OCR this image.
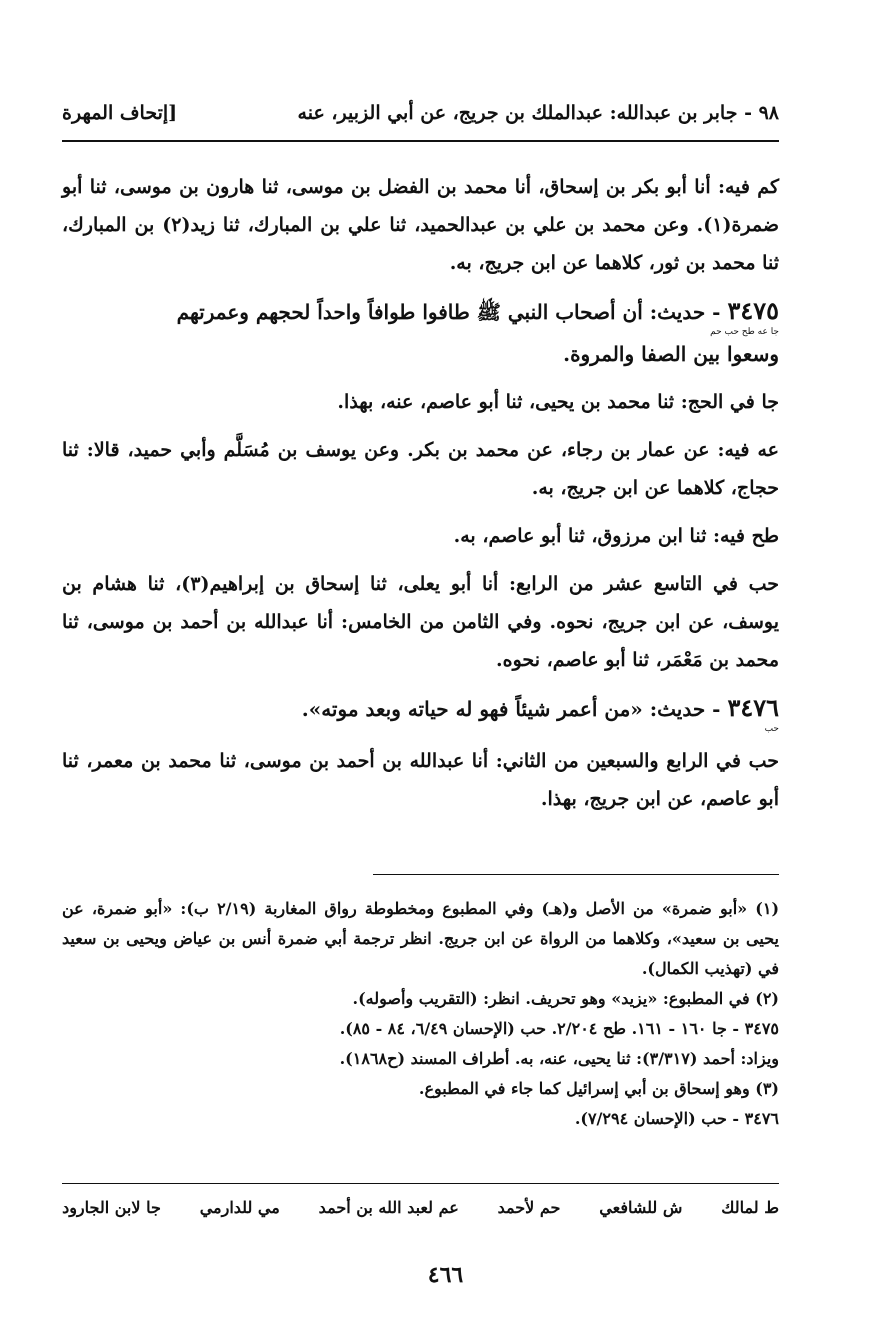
٩٨ - جابر بن عبدالله: عبدالملك بن جريج، عن أبي الزبير، عنه
[إتحاف المهرة

كم فيه: أنا أبو بكر بن إسحاق، أنا محمد بن الفضل بن موسى، ثنا هارون بن موسى، ثنا أبو ضمرة(١). وعن محمد بن علي بن عبدالحميد، ثنا علي بن المبارك، ثنا زيد(٢) بن المبارك، ثنا محمد بن ثور، كلاهما عن ابن جريج، به.

٣٤٧٥ - حديث: أن أصحاب النبي ﷺ طافوا طوافاً واحداً لحجهم وعمرتهم
جا عه طح حب حم
وسعوا بين الصفا والمروة.

جا في الحج: ثنا محمد بن يحيى، ثنا أبو عاصم، عنه، بهذا.

عه فيه: عن عمار بن رجاء، عن محمد بن بكر. وعن يوسف بن مُسَلَّم وأبي حميد، قالا: ثنا حجاج، كلاهما عن ابن جريج، به.

طح فيه: ثنا ابن مرزوق، ثنا أبو عاصم، به.

حب في التاسع عشر من الرابع: أنا أبو يعلى، ثنا إسحاق بن إبراهيم(٣)، ثنا هشام بن يوسف، عن ابن جريج، نحوه. وفي الثامن من الخامس: أنا عبدالله بن أحمد بن موسى، ثنا محمد بن مَعْمَر، ثنا أبو عاصم، نحوه.

٣٤٧٦ - حديث: «من أعمر شيئاً فهو له حياته وبعد موته».
حب

حب في الرابع والسبعين من الثاني: أنا عبدالله بن أحمد بن موسى، ثنا محمد بن معمر، ثنا أبو عاصم، عن ابن جريج، بهذا.

(١) «أبو ضمرة» من الأصل و(هـ) وفي المطبوع ومخطوطة رواق المغاربة (٢/١٩ ب): «أبو ضمرة، عن يحيى بن سعيد»، وكلاهما من الرواة عن ابن جريج. انظر ترجمة أبي ضمرة أنس بن عياض ويحيى بن سعيد في (تهذيب الكمال).

(٢) في المطبوع: «يزيد» وهو تحريف. انظر: (التقريب وأصوله).

٣٤٧٥ - جا ١٦٠ - ١٦١. طح ٢/٢٠٤. حب (الإحسان ٦/٤٩، ٨٤ - ٨٥).

ويزاد: أحمد (٣/٣١٧): ثنا يحيى، عنه، به. أطراف المسند (ح١٨٦٨).

(٣) وهو إسحاق بن أبي إسرائيل كما جاء في المطبوع.

٣٤٧٦ - حب (الإحسان ٧/٢٩٤).

ط لمالك
ش للشافعي
حم لأحمد
عم لعبد الله بن أحمد
مي للدارمي
جا لابن الجارود
٤٦٦
